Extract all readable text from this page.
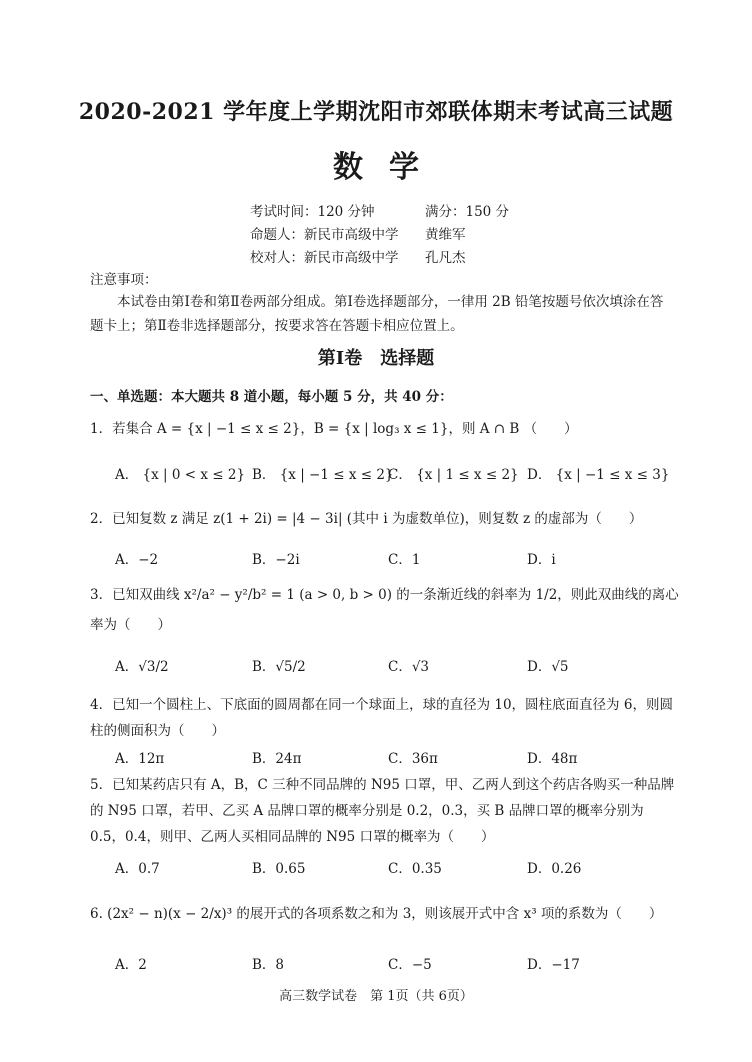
2020-2021 学年度上学期沈阳市郊联体期末考试高三试题
数学
考试时间：120 分钟	满分：150 分
命题人：新民市高级中学 黄维军
校对人：新民市高级中学 孔凡杰
注意事项：
本试卷由第Ⅰ卷和第Ⅱ卷两部分组成。第Ⅰ卷选择题部分，一律用 2B 铅笔按题号依次填涂在答题卡上；第Ⅱ卷非选择题部分，按要求答在答题卡相应位置上。
第Ⅰ卷　选择题
一、单选题：本大题共 8 道小题，每小题 5 分，共 40 分：
1．若集合 A = {x | −1 ≤ x ≤ 2}，B = {x | log₃ x ≤ 1}，则 A ∩ B （　　）
A． {x | 0 < x ≤ 2} B． {x | −1 ≤ x ≤ 2}
C． {x | 1 ≤ x ≤ 2} D． {x | −1 ≤ x ≤ 3}
2．已知复数 z 满足 z(1 + 2i) = |4 − 3i| (其中 i 为虚数单位)，则复数 z 的虚部为（　　）
A．−2	B．−2i	C．1	D．i
3．已知双曲线 x²/a² − y²/b² = 1 (a > 0, b > 0) 的一条渐近线的斜率为 1/2，则此双曲线的离心率为（　　）
A．√3/2	B．√5/2	C．√3	D．√5
4．已知一个圆柱上、下底面的圆周都在同一个球面上，球的直径为 10，圆柱底面直径为 6，则圆柱的侧面积为（　　）
A．12π	B．24π	C．36π	D．48π
5．已知某药店只有 A，B，C 三种不同品牌的 N95 口罩，甲、乙两人到这个药店各购买一种品牌的 N95 口罩，若甲、乙买 A 品牌口罩的概率分别是 0.2，0.3，买 B 品牌口罩的概率分别为 0.5，0.4，则甲、乙两人买相同品牌的 N95 口罩的概率为（　　）
A．0.7	B．0.65	C．0.35	D．0.26
6. (2x² − n)(x − 2/x)³ 的展开式的各项系数之和为 3，则该展开式中含 x³ 项的系数为（　　）
A．2	B．8	C．−5	D．−17
高三数学试卷　第 1页（共 6页）
